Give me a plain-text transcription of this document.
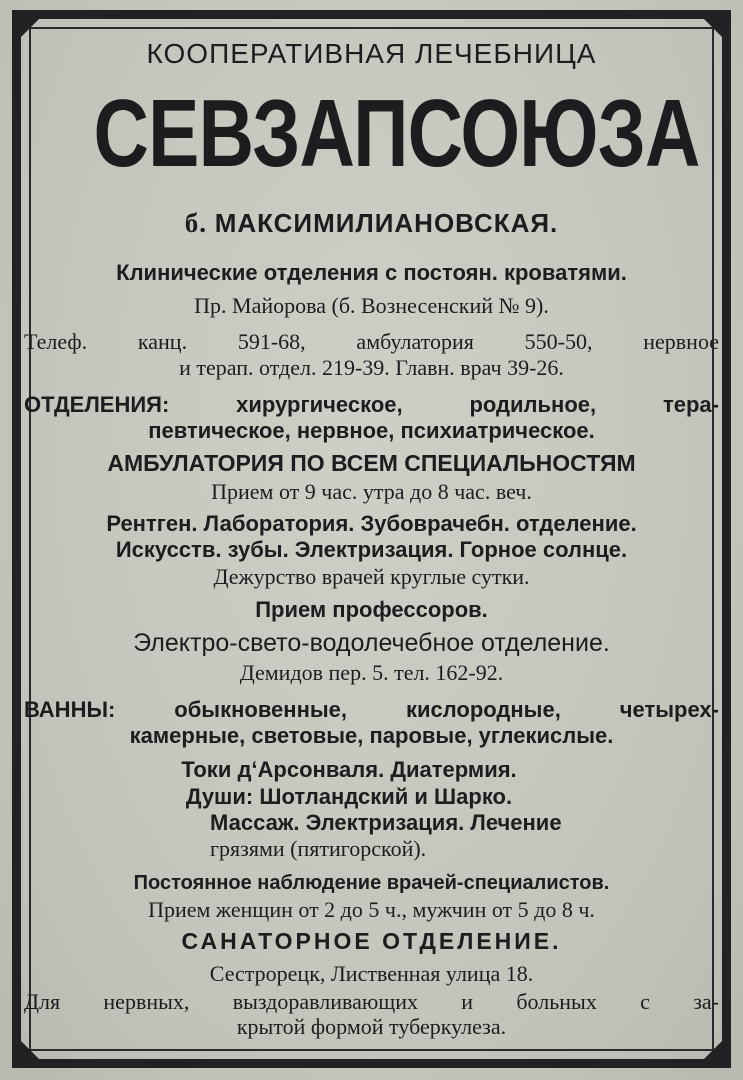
КООПЕРАТИВНАЯ ЛЕЧЕБНИЦА
СЕВЗАПСОЮЗА
б. МАКСИМИЛИАНОВСКАЯ.
Клинические отделения с постоян. кроватями.
Пр. Майорова (б. Вознесенский № 9).
Телеф. канц. 591-68, амбулатория 550-50, нервное
и терап. отдел. 219-39. Главн. врач 39-26.
ОТДЕЛЕНИЯ: хирургическое, родильное, тера-
певтическое, нервное, психиатрическое.
АМБУЛАТОРИЯ ПО ВСЕМ СПЕЦИАЛЬНОСТЯМ
Прием от 9 час. утра до 8 час. веч.
Рентген. Лаборатория. Зубоврачебн. отделение.
Искусств. зубы. Электризация. Горное солнце.
Дежурство врачей круглые сутки.
Прием профессоров.
Электро-свето-водолечебное отделение.
Демидов пер. 5. тел. 162-92.
ВАННЫ: обыкновенные, кислородные, четырех-
камерные, световые, паровые, углекислые.
Токи д‘Арсонваля. Диатермия.
Души: Шотландский и Шарко.
Массаж. Электризация. Лечение
грязями (пятигорской).
Постоянное наблюдение врачей-специалистов.
Прием женщин от 2 до 5 ч., мужчин от 5 до 8 ч.
САНАТОРНОЕ ОТДЕЛЕНИЕ.
Сестрорецк, Лиственная улица 18.
Для нервных, выздоравливающих и больных с за-
крытой формой туберкулеза.
